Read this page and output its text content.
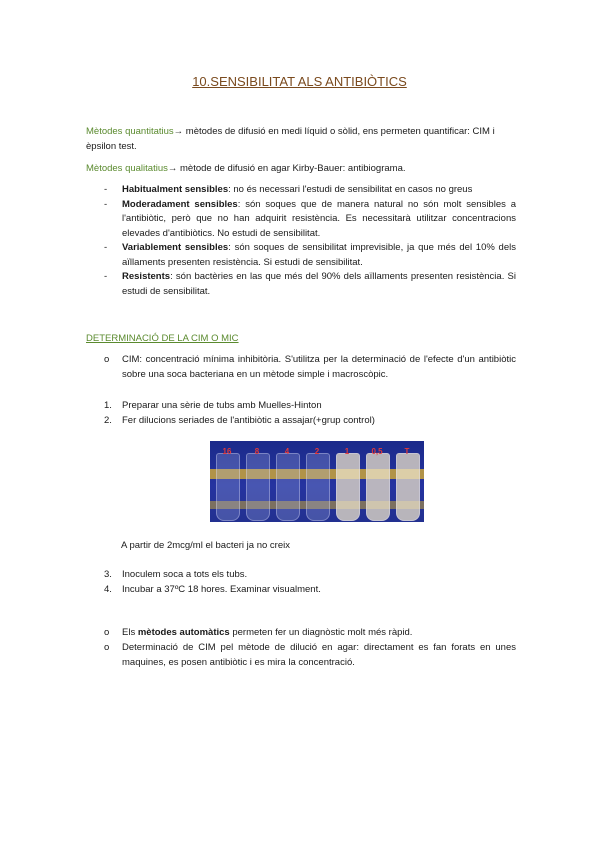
10.SENSIBILITAT ALS ANTIBIÒTICS
Mètodes quantitatius→ mètodes de difusió en medi líquid o sòlid, ens permeten quantificar: CIM i èpsilon test.
Mètodes qualitatius→ mètode de difusió en agar Kirby-Bauer: antibiograma.
- Habitualment sensibles: no és necessari l'estudi de sensibilitat en casos no greus
- Moderadament sensibles: són soques que de manera natural no són molt sensibles a l'antibiòtic, però que no han adquirit resistència. Es necessitarà utilitzar concentracions elevades d'antibiòtics. No estudi de sensibilitat.
- Variablement sensibles: són soques de sensibilitat imprevisible, ja que més del 10% dels aïllaments presenten resistència. Si estudi de sensibilitat.
- Resistents: són bactèries en las que més del 90% dels aïllaments presenten resistència. Si estudi de sensibilitat.
DETERMINACIÓ DE LA CIM O MIC
o CIM: concentració mínima inhibitòria. S'utilitza per la determinació de l'efecte d'un antibiòtic sobre una soca bacteriana en un mètode simple i macroscòpic.
1. Preparar una sèrie de tubs amb Muelles-Hinton
2. Fer dilucions seriades de l'antibiòtic a assajar(+grup control)
16	8	4	2	1	0,5	T
A partir de 2mcg/ml el bacteri ja no creix
3. Inoculem soca a tots els tubs.
4. Incubar a 37ºC 18 hores. Examinar visualment.
o Els mètodes automàtics permeten fer un diagnòstic molt més ràpid.
o Determinació de CIM pel mètode de dilució en agar: directament es fan forats en unes maquines, es posen antibiòtic i es mira la concentració.
